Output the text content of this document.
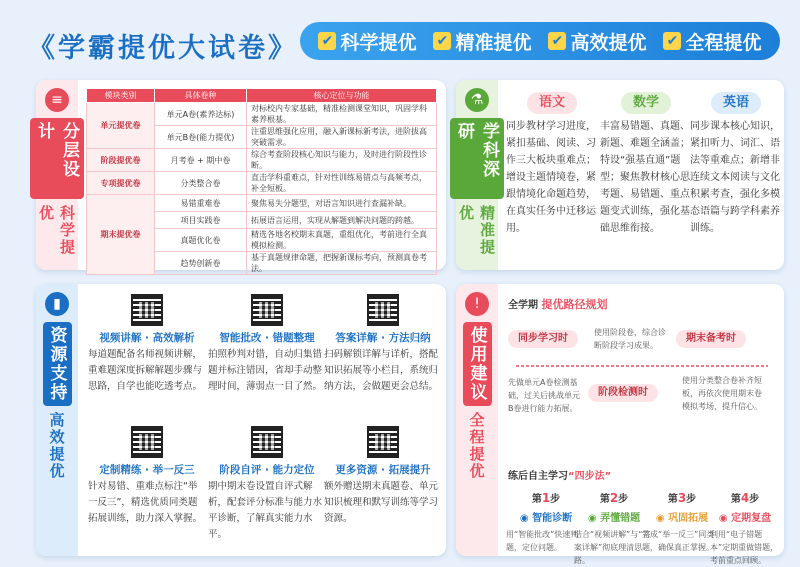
《学霸提优大试卷》 ✔ 科学提优 ✔ 精准提优 ✔ 高效提优 ✔ 全程提优
≡
分层设计
科学提优
模块类别	具体卷种	核心定位与功能
单元提优卷	单元A卷(素养达标)	对标校内专家基础，精准检测课堂知识，巩固学科素养根基。
	单元B卷(能力提优)	注重思维强化应用，融入新课标新考法，进阶拔高突破需求。
阶段提优卷	月考卷 + 期中卷	综合考查阶段核心知识与能力，及时进行阶段性诊断。
专项提优卷	分类整合卷	直击学科重难点，针对性训练易错点与高频考点，补全短板。
期末提优卷	易错重难卷	聚焦易失分题型，对语言知识进行查漏补缺。
	项目实践卷	拓展语言运用，实现从解题到解决问题的跨越。
	真题优化卷	精选各地名校期末真题，重组优化，考前进行全真模拟检测。
	趋势创新卷	基于真题规律命题，把握新课标考向，预测真卷考法。
⚗
学科深研
精准提优
语文
同步教材学习进度，紧扣基础、阅读、习作三大板块重难点；增设主题情境卷，紧跟情境化命题趋势，在真实任务中迁移运用。
数学
丰富易错题、真题、新题、难题全涵盖；特设“强基直通”题型；聚焦教材核心思考题、易错题、重点题变式训练，强化基础思维衔接。
英语
同步课本核心知识，紧扣听力、词汇、语法等重难点；新增非连续文本阅读与文化积累考查，强化多模态语篇与跨学科素养训练。
▮
资源支持
高效提优
视频讲解 · 高效解析
每道题配备名师视频讲解，重难题深度拆解解题步骤与思路，自学也能吃透考点。
智能批改 · 错题整理
拍照秒判对错，自动归集错题并标注错因，省却手动整理时间，薄弱点一目了然。
答案详解 · 方法归纳
扫码解锁详解与详析，搭配知识拓展等小栏目，系统归纳方法，会做题更会总结。
定制精练 · 举一反三
针对易错、重难点标注“举一反三”，精选优质同类题拓展训练，助力深入掌握。
阶段自评 · 能力定位
期中期末卷设置自评式解析，配套评分标准与能力水平诊断，了解真实能力水平。
更多资源 · 拓展提升
额外赠送期末真题卷、单元知识梳理和默写训练等学习资源。
!
使用建议
全程提优
全学期 提优路径规划
同步学习时
阶段检测时
期末备考时
使用阶段卷，综合诊断阶段学习成果。
先做单元A卷检测基础，过关后挑战单元B卷进行能力拓展。
使用分类整合卷补齐短板，再依次使用期末卷模拟考场，提升信心。
练后自主学习“四步法”
第1步
◉ 智能诊断
用“智能批改”快速判题，定位问题。
第2步
◉ 弄懂错题
结合“视频讲解”与“答案详解”彻底理清思路。
第3步
◉ 巩固拓展
完成“举一反三”同类题，确保真正掌握。
第4步
◉ 定期复盘
利用“电子错题本”定期重做错题，考前重点回顾。
